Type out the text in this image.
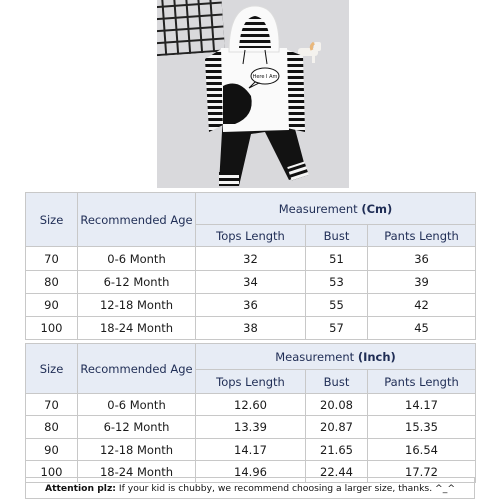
Here I Am
Size	Recommended Age	Measurement (Cm)		
		Tops Length	Bust	Pants Length
70	0-6 Month	32	51	36
80	6-12 Month	34	53	39
90	12-18 Month	36	55	42
100	18-24 Month	38	57	45

Size	Recommended Age	Measurement (Inch)		
		Tops Length	Bust	Pants Length
70	0-6 Month	12.60	20.08	14.17
80	6-12 Month	13.39	20.87	15.35
90	12-18 Month	14.17	21.65	16.54
100	18-24 Month	14.96	22.44	17.72
Attention plz: If your kid is chubby, we recommend choosing a larger size, thanks. ^_^
